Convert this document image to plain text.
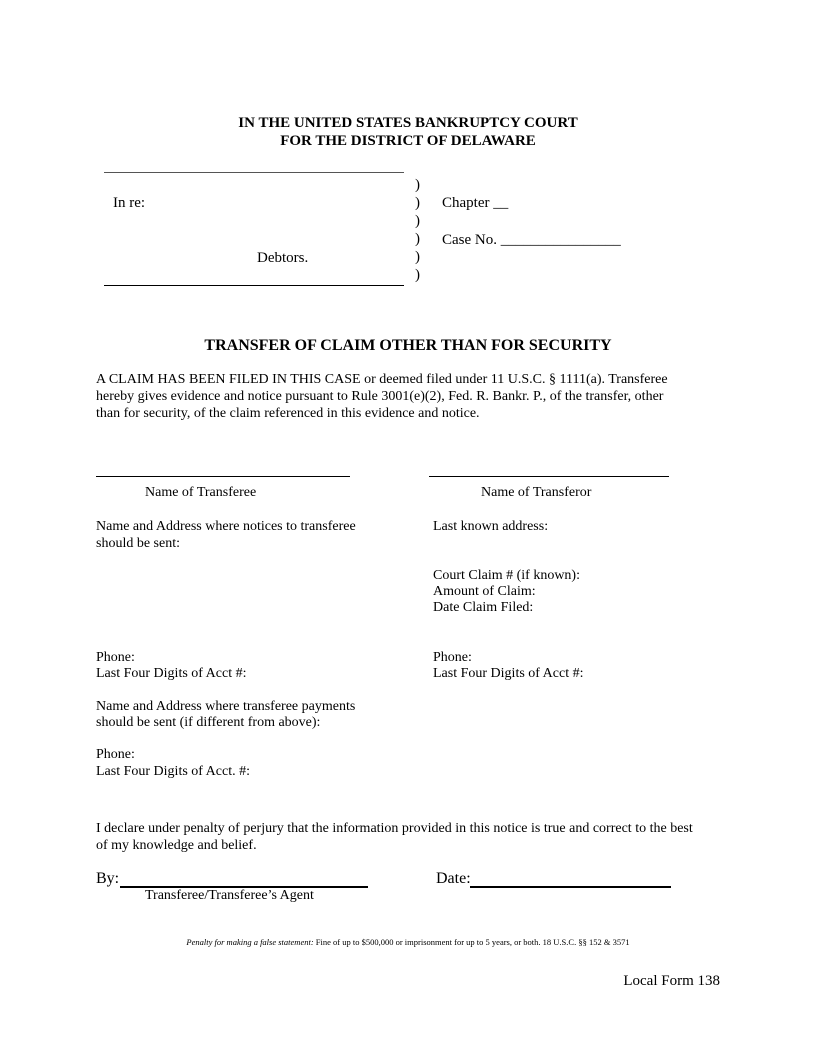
IN THE UNITED STATES BANKRUPTCY COURT
FOR THE DISTRICT OF DELAWARE
In re:
Debtors.
)
)
)
)
)
)
Chapter __
Case No. ________________
TRANSFER OF CLAIM OTHER THAN FOR SECURITY
A CLAIM HAS BEEN FILED IN THIS CASE or deemed filed under 11 U.S.C. § 1111(a). Transferee
hereby gives evidence and notice pursuant to Rule 3001(e)(2), Fed. R. Bankr. P., of the transfer, other
than for security, of the claim referenced in this evidence and notice.
Name of Transferee	Name of Transferor
Name and Address where notices to transferee
should be sent:
Phone:
Last Four Digits of Acct #:
Name and Address where transferee payments
should be sent (if different from above):
Phone:
Last Four Digits of Acct. #:
Last known address:
Court Claim # (if known):
Amount of Claim:
Date Claim Filed:
Phone:
Last Four Digits of Acct #:
I declare under penalty of perjury that the information provided in this notice is true and correct to the best
of my knowledge and belief.
By:	Date:
Transferee/Transferee’s Agent
Penalty for making a false statement: Fine of up to $500,000 or imprisonment for up to 5 years, or both. 18 U.S.C. §§ 152 & 3571
Local Form 138
